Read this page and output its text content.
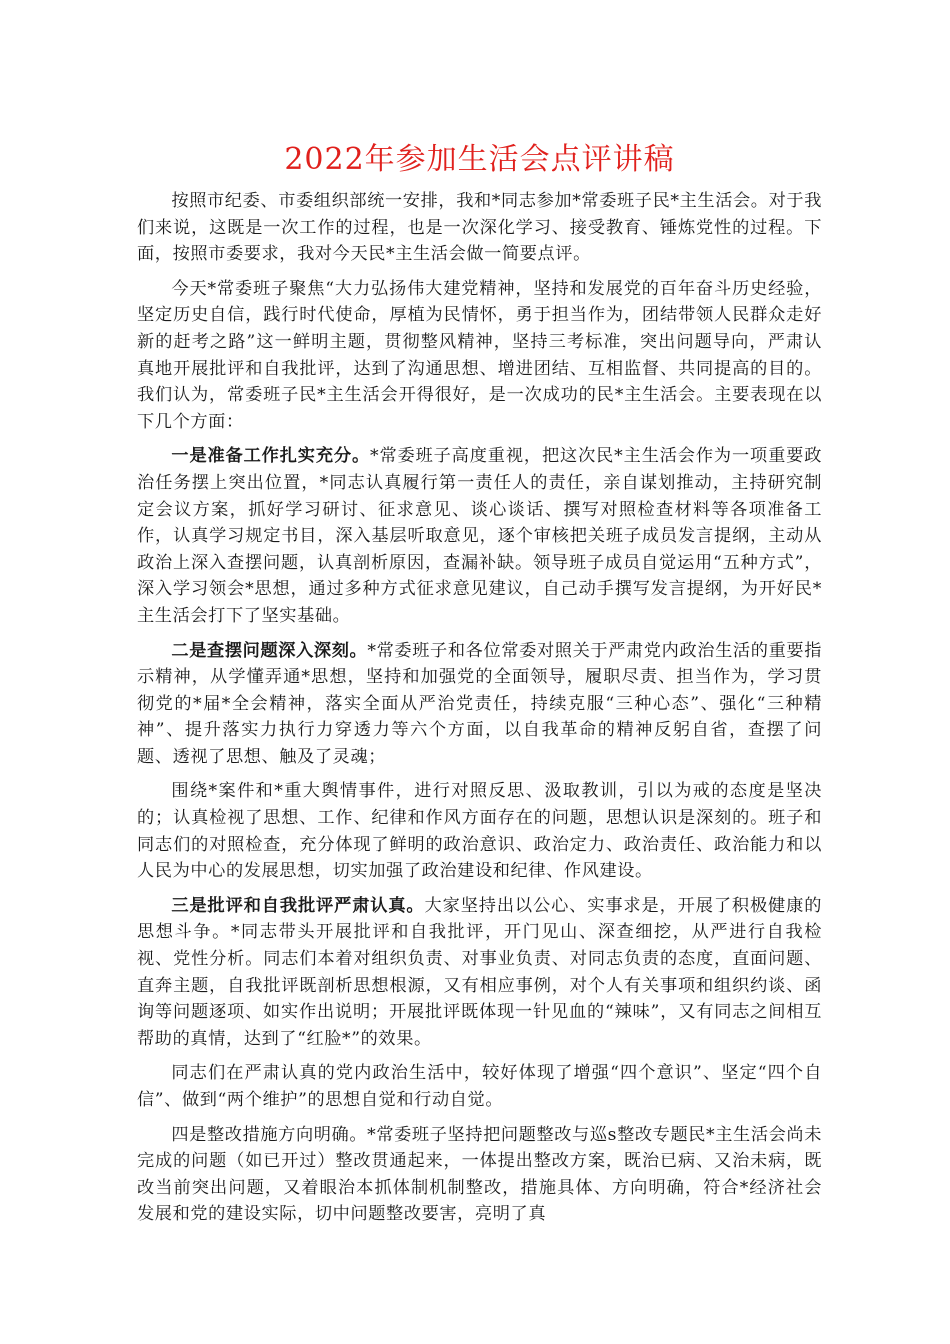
2022年参加生活会点评讲稿

按照市纪委、市委组织部统一安排，我和*同志参加*常委班子民*主生活会。对于我们来说，这既是一次工作的过程，也是一次深化学习、接受教育、锤炼党性的过程。下面，按照市委要求，我对今天民*主生活会做一简要点评。

今天*常委班子聚焦“大力弘扬伟大建党精神，坚持和发展党的百年奋斗历史经验，坚定历史自信，践行时代使命，厚植为民情怀，勇于担当作为，团结带领人民群众走好新的赶考之路”这一鲜明主题，贯彻整风精神，坚持三考标准，突出问题导向，严肃认真地开展批评和自我批评，达到了沟通思想、增进团结、互相监督、共同提高的目的。我们认为，常委班子民*主生活会开得很好，是一次成功的民*主生活会。主要表现在以下几个方面：

一是准备工作扎实充分。*常委班子高度重视，把这次民*主生活会作为一项重要政治任务摆上突出位置，*同志认真履行第一责任人的责任，亲自谋划推动，主持研究制定会议方案，抓好学习研讨、征求意见、谈心谈话、撰写对照检查材料等各项准备工作，认真学习规定书目，深入基层听取意见，逐个审核把关班子成员发言提纲，主动从政治上深入查摆问题，认真剖析原因，查漏补缺。领导班子成员自觉运用“五种方式”，深入学习领会*思想，通过多种方式征求意见建议，自己动手撰写发言提纲，为开好民*主生活会打下了坚实基础。

二是查摆问题深入深刻。*常委班子和各位常委对照关于严肃党内政治生活的重要指示精神，从学懂弄通*思想，坚持和加强党的全面领导，履职尽责、担当作为，学习贯彻党的*届*全会精神，落实全面从严治党责任，持续克服“三种心态”、强化“三种精神”、提升落实力执行力穿透力等六个方面，以自我革命的精神反躬自省，查摆了问题、透视了思想、触及了灵魂；

围绕*案件和*重大舆情事件，进行对照反思、汲取教训，引以为戒的态度是坚决的；认真检视了思想、工作、纪律和作风方面存在的问题，思想认识是深刻的。班子和同志们的对照检查，充分体现了鲜明的政治意识、政治定力、政治责任、政治能力和以人民为中心的发展思想，切实加强了政治建设和纪律、作风建设。

三是批评和自我批评严肃认真。大家坚持出以公心、实事求是，开展了积极健康的思想斗争。*同志带头开展批评和自我批评，开门见山、深查细挖，从严进行自我检视、党性分析。同志们本着对组织负责、对事业负责、对同志负责的态度，直面问题、直奔主题，自我批评既剖析思想根源，又有相应事例，对个人有关事项和组织约谈、函询等问题逐项、如实作出说明；开展批评既体现一针见血的“辣味”，又有同志之间相互帮助的真情，达到了“红脸*”的效果。

同志们在严肃认真的党内政治生活中，较好体现了增强“四个意识”、坚定“四个自信”、做到“两个维护”的思想自觉和行动自觉。

四是整改措施方向明确。*常委班子坚持把问题整改与巡s整改专题民*主生活会尚未完成的问题（如已开过）整改贯通起来，一体提出整改方案，既治已病、又治未病，既改当前突出问题，又着眼治本抓体制机制整改，措施具体、方向明确，符合*经济社会发展和党的建设实际，切中问题整改要害，亮明了真
